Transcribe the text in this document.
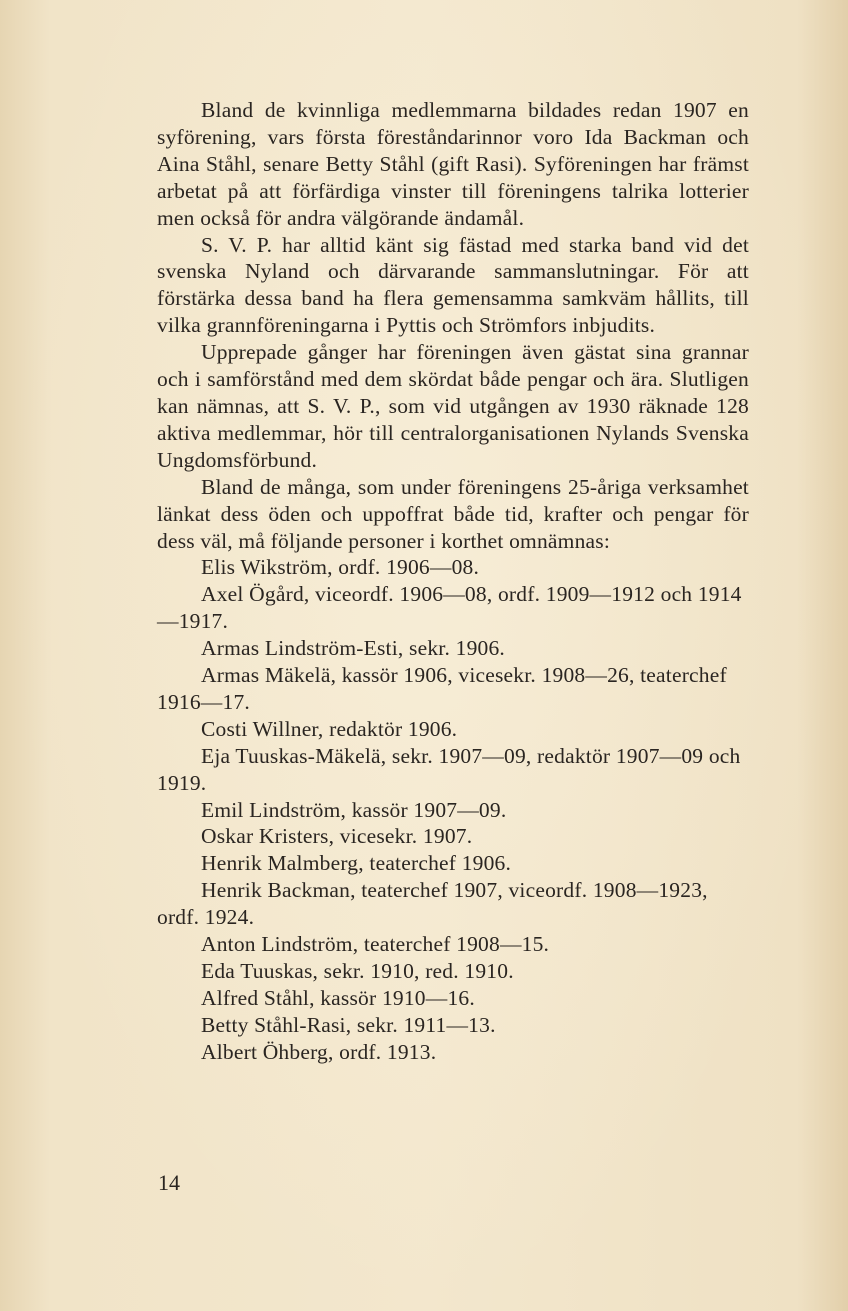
Bland de kvinnliga medlemmarna bildades redan 1907 en syförening, vars första föreståndarinnor voro Ida Backman och Aina Ståhl, senare Betty Ståhl (gift Rasi). Syföreningen har främst arbetat på att förfärdiga vinster till föreningens talrika lotterier men också för andra välgörande ändamål.

S. V. P. har alltid känt sig fästad med starka band vid det svenska Nyland och därvarande sammanslutningar. För att förstärka dessa band ha flera gemensamma samkväm hållits, till vilka grannföreningarna i Pyttis och Strömfors inbjudits.

Upprepade gånger har föreningen även gästat sina grannar och i samförstånd med dem skördat både pengar och ära. Slutligen kan nämnas, att S. V. P., som vid utgången av 1930 räknade 128 aktiva medlemmar, hör till centralorganisationen Nylands Svenska Ungdomsförbund.

Bland de många, som under föreningens 25-åriga verksamhet länkat dess öden och uppoffrat både tid, krafter och pengar för dess väl, må följande personer i korthet omnämnas:

Elis Wikström, ordf. 1906—08.

Axel Ögård, viceordf. 1906—08, ordf. 1909—1912 och 1914—1917.

Armas Lindström-Esti, sekr. 1906.

Armas Mäkelä, kassör 1906, vicesekr. 1908—26, teaterchef 1916—17.

Costi Willner, redaktör 1906.

Eja Tuuskas-Mäkelä, sekr. 1907—09, redaktör 1907—09 och 1919.

Emil Lindström, kassör 1907—09.

Oskar Kristers, vicesekr. 1907.

Henrik Malmberg, teaterchef 1906.

Henrik Backman, teaterchef 1907, viceordf. 1908—1923, ordf. 1924.

Anton Lindström, teaterchef 1908—15.

Eda Tuuskas, sekr. 1910, red. 1910.

Alfred Ståhl, kassör 1910—16.

Betty Ståhl-Rasi, sekr. 1911—13.

Albert Öhberg, ordf. 1913.

14
